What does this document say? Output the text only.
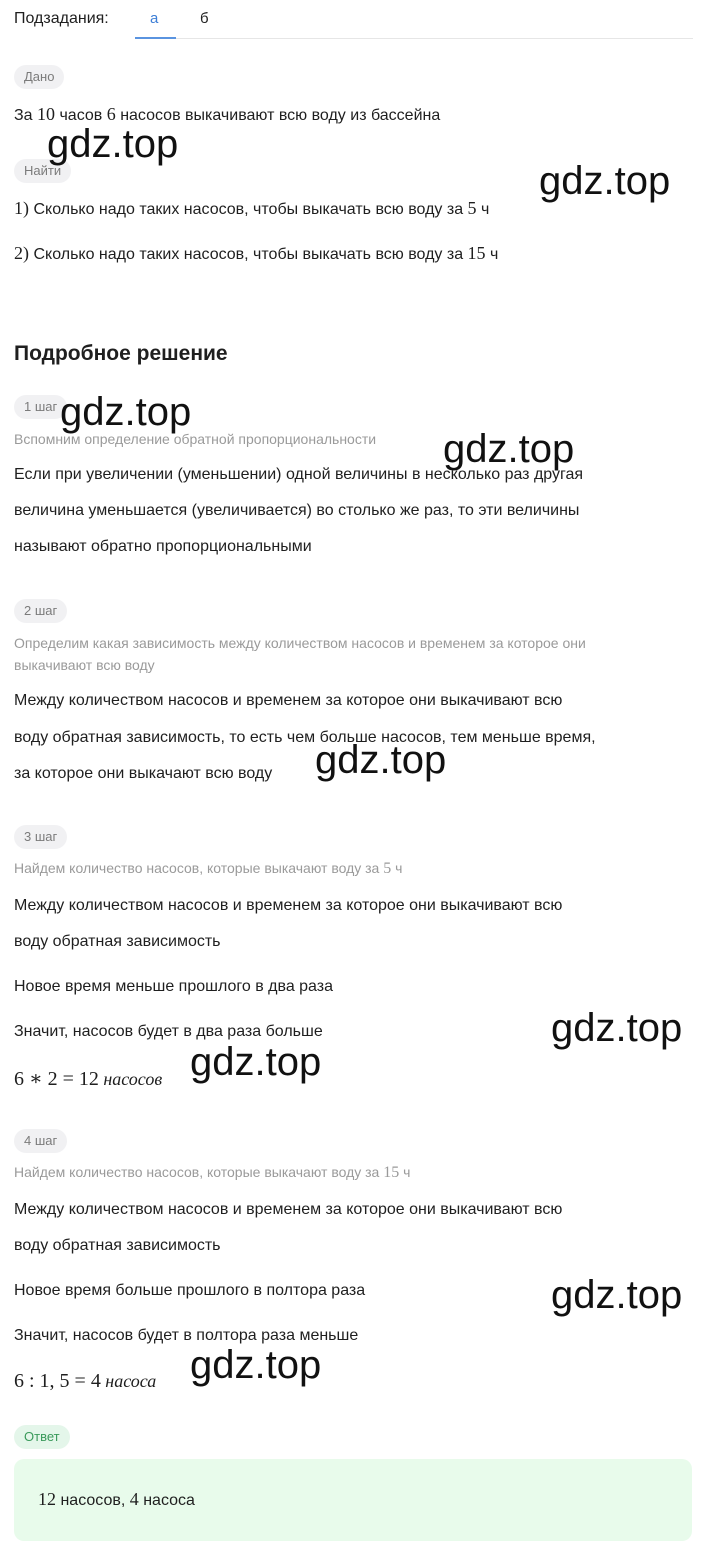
Подзадания:	а	б
Дано
За 10 часов 6 насосов выкачивают всю воду из бассейна
Найти
1) Сколько надо таких насосов, чтобы выкачать всю воду за 5 ч
2) Сколько надо таких насосов, чтобы выкачать всю воду за 15 ч
Подробное решение
1 шаг
Вспомним определение обратной пропорциональности
Если при увеличении (уменьшении) одной величины в несколько раз другая
величина уменьшается (увеличивается) во столько же раз, то эти величины
называют обратно пропорциональными
2 шаг
Определим какая зависимость между количеством насосов и временем за которое они
выкачивают всю воду
Между количеством насосов и временем за которое они выкачивают всю
воду обратная зависимость, то есть чем больше насосов, тем меньше время,
за которое они выкачают всю воду
3 шаг
Найдем количество насосов, которые выкачают воду за 5 ч
Между количеством насосов и временем за которое они выкачивают всю
воду обратная зависимость
Новое время меньше прошлого в два раза
Значит, насосов будет в два раза больше
6 ∗ 2 = 12 насосов
4 шаг
Найдем количество насосов, которые выкачают воду за 15 ч
Между количеством насосов и временем за которое они выкачивают всю
воду обратная зависимость
Новое время больше прошлого в полтора раза
Значит, насосов будет в полтора раза меньше
6 : 1, 5 = 4 насоса
Ответ
12 насосов, 4 насоса
gdz.top
gdz.top
gdz.top
gdz.top
gdz.top
gdz.top
gdz.top
gdz.top
gdz.top
